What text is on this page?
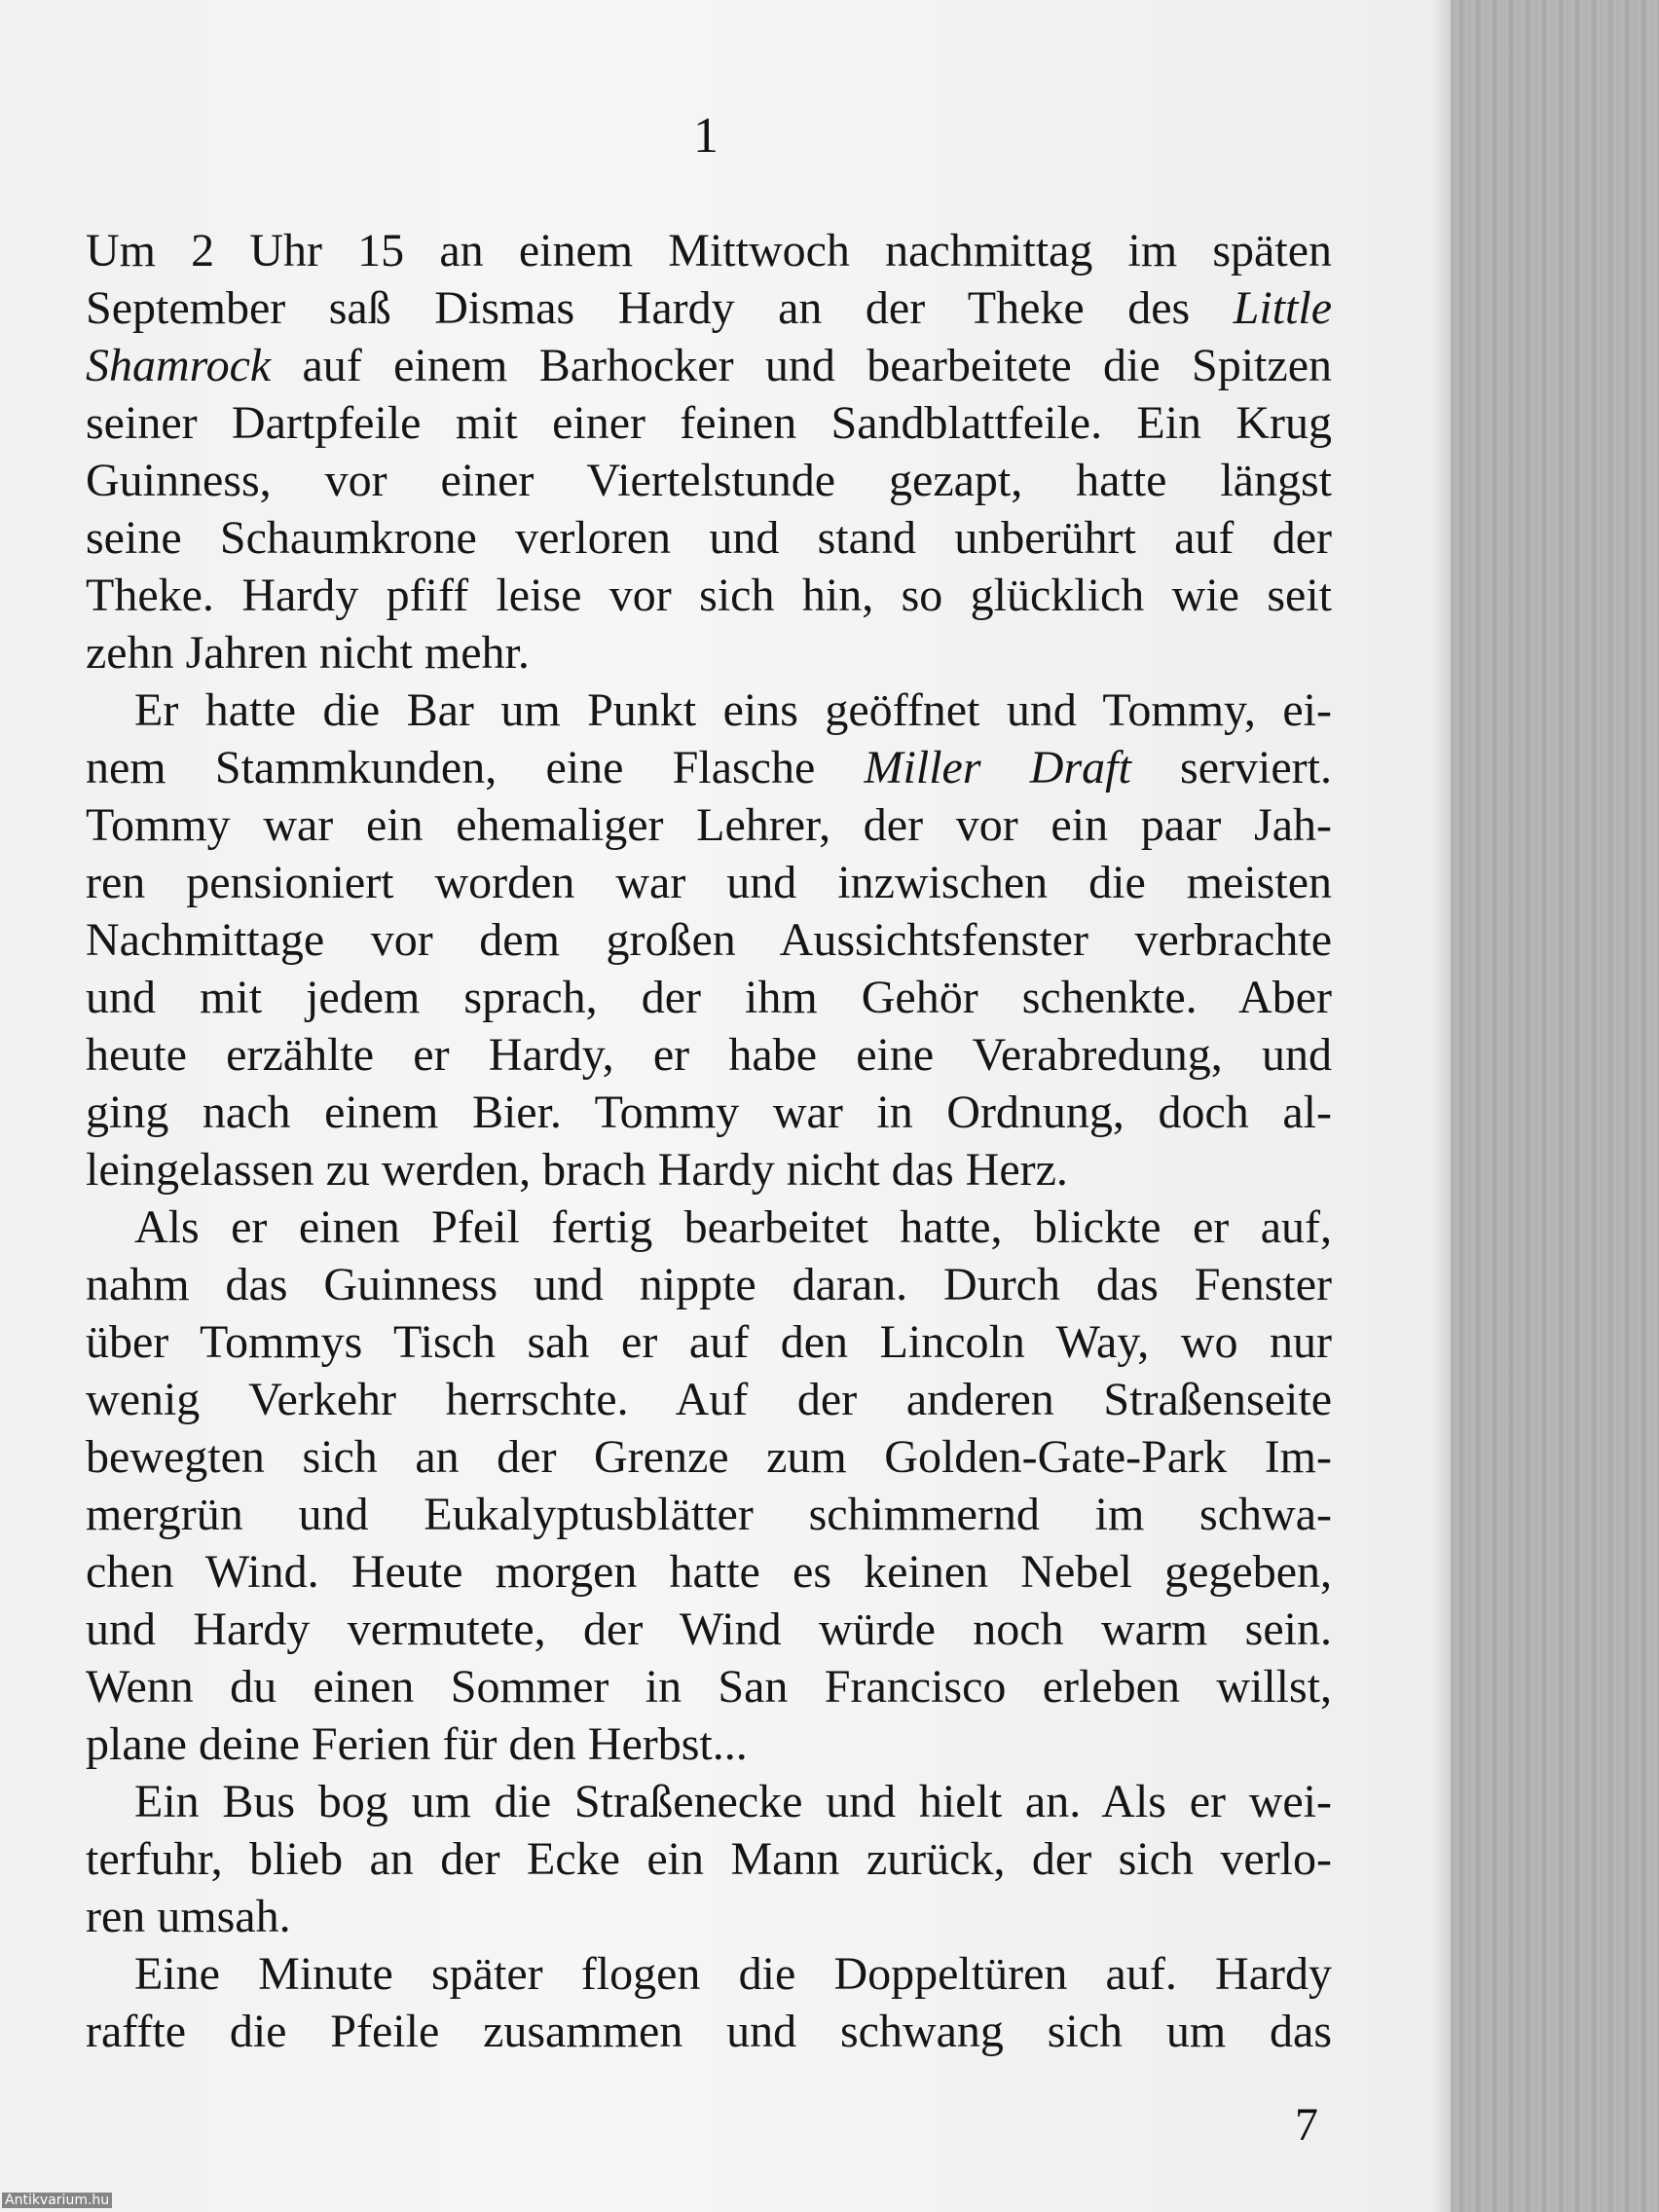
1
Um 2 Uhr 15 an einem Mittwoch nachmittag im späten
September saß Dismas Hardy an der Theke des Little
Shamrock auf einem Barhocker und bearbeitete die Spitzen
seiner Dartpfeile mit einer feinen Sandblattfeile. Ein Krug
Guinness, vor einer Viertelstunde gezapt, hatte längst
seine Schaumkrone verloren und stand unberührt auf der
Theke. Hardy pfiff leise vor sich hin, so glücklich wie seit
zehn Jahren nicht mehr.
Er hatte die Bar um Punkt eins geöffnet und Tommy, ei-
nem Stammkunden, eine Flasche Miller Draft serviert.
Tommy war ein ehemaliger Lehrer, der vor ein paar Jah-
ren pensioniert worden war und inzwischen die meisten
Nachmittage vor dem großen Aussichtsfenster verbrachte
und mit jedem sprach, der ihm Gehör schenkte. Aber
heute erzählte er Hardy, er habe eine Verabredung, und
ging nach einem Bier. Tommy war in Ordnung, doch al-
leingelassen zu werden, brach Hardy nicht das Herz.
Als er einen Pfeil fertig bearbeitet hatte, blickte er auf,
nahm das Guinness und nippte daran. Durch das Fenster
über Tommys Tisch sah er auf den Lincoln Way, wo nur
wenig Verkehr herrschte. Auf der anderen Straßenseite
bewegten sich an der Grenze zum Golden-Gate-Park Im-
mergrün und Eukalyptusblätter schimmernd im schwa-
chen Wind. Heute morgen hatte es keinen Nebel gegeben,
und Hardy vermutete, der Wind würde noch warm sein.
Wenn du einen Sommer in San Francisco erleben willst,
plane deine Ferien für den Herbst...
Ein Bus bog um die Straßenecke und hielt an. Als er wei-
terfuhr, blieb an der Ecke ein Mann zurück, der sich verlo-
ren umsah.
Eine Minute später flogen die Doppeltüren auf. Hardy
raffte die Pfeile zusammen und schwang sich um das
7
Antikvarium.hu
